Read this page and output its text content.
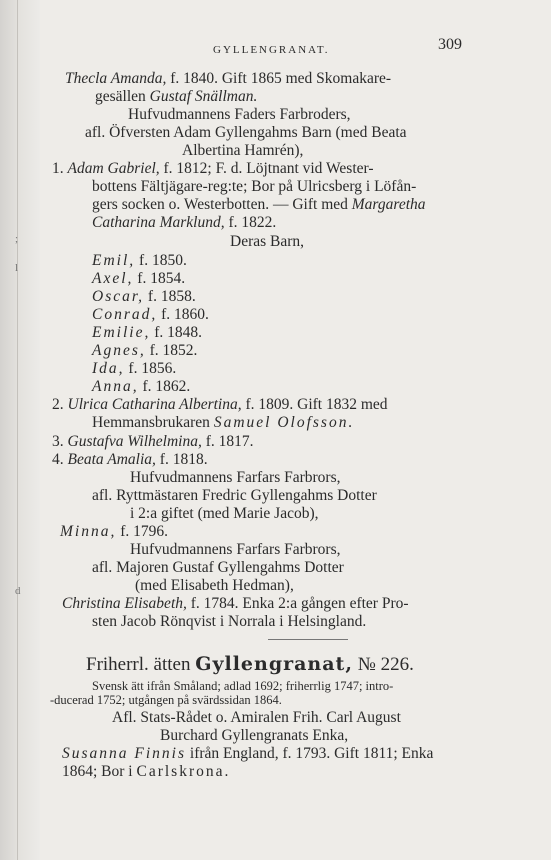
;
l
d
GYLLENGRANAT.	309
Thecla Amanda, f. 1840. Gift 1865 med Skomakare-
gesällen Gustaf Snällman.
Hufvudmannens Faders Farbroders,
afl. Öfversten Adam Gyllengahms Barn (med Beata
Albertina Hamrén),
1. Adam Gabriel, f. 1812; F. d. Löjtnant vid Wester-
bottens Fältjägare-reg:te; Bor på Ulricsberg i Löfån-
gers socken o. Westerbotten. — Gift med Margaretha
Catharina Marklund, f. 1822.
Deras Barn,
Emil, f. 1850.
Axel, f. 1854.
Oscar, f. 1858.
Conrad, f. 1860.
Emilie, f. 1848.
Agnes, f. 1852.
Ida, f. 1856.
Anna, f. 1862.
2. Ulrica Catharina Albertina, f. 1809. Gift 1832 med
Hemmansbrukaren Samuel Olofsson.
3. Gustafva Wilhelmina, f. 1817.
4. Beata Amalia, f. 1818.
Hufvudmannens Farfars Farbrors,
afl. Ryttmästaren Fredric Gyllengahms Dotter
i 2:a giftet (med Marie Jacob),
Minna, f. 1796.
Hufvudmannens Farfars Farbrors,
afl. Majoren Gustaf Gyllengahms Dotter
(med Elisabeth Hedman),
Christina Elisabeth, f. 1784. Enka 2:a gången efter Pro-
sten Jacob Rönqvist i Norrala i Helsingland.
Friherrl. ätten Gyllengranat, № 226.
Svensk ätt ifrån Småland; adlad 1692; friherrlig 1747; intro-
-ducerad 1752; utgången på svärdssidan 1864.
Afl. Stats-Rådet o. Amiralen Frih. Carl August
Burchard Gyllengranats Enka,
Susanna Finnis ifrån England, f. 1793. Gift 1811; Enka
1864; Bor i Carlskrona.
